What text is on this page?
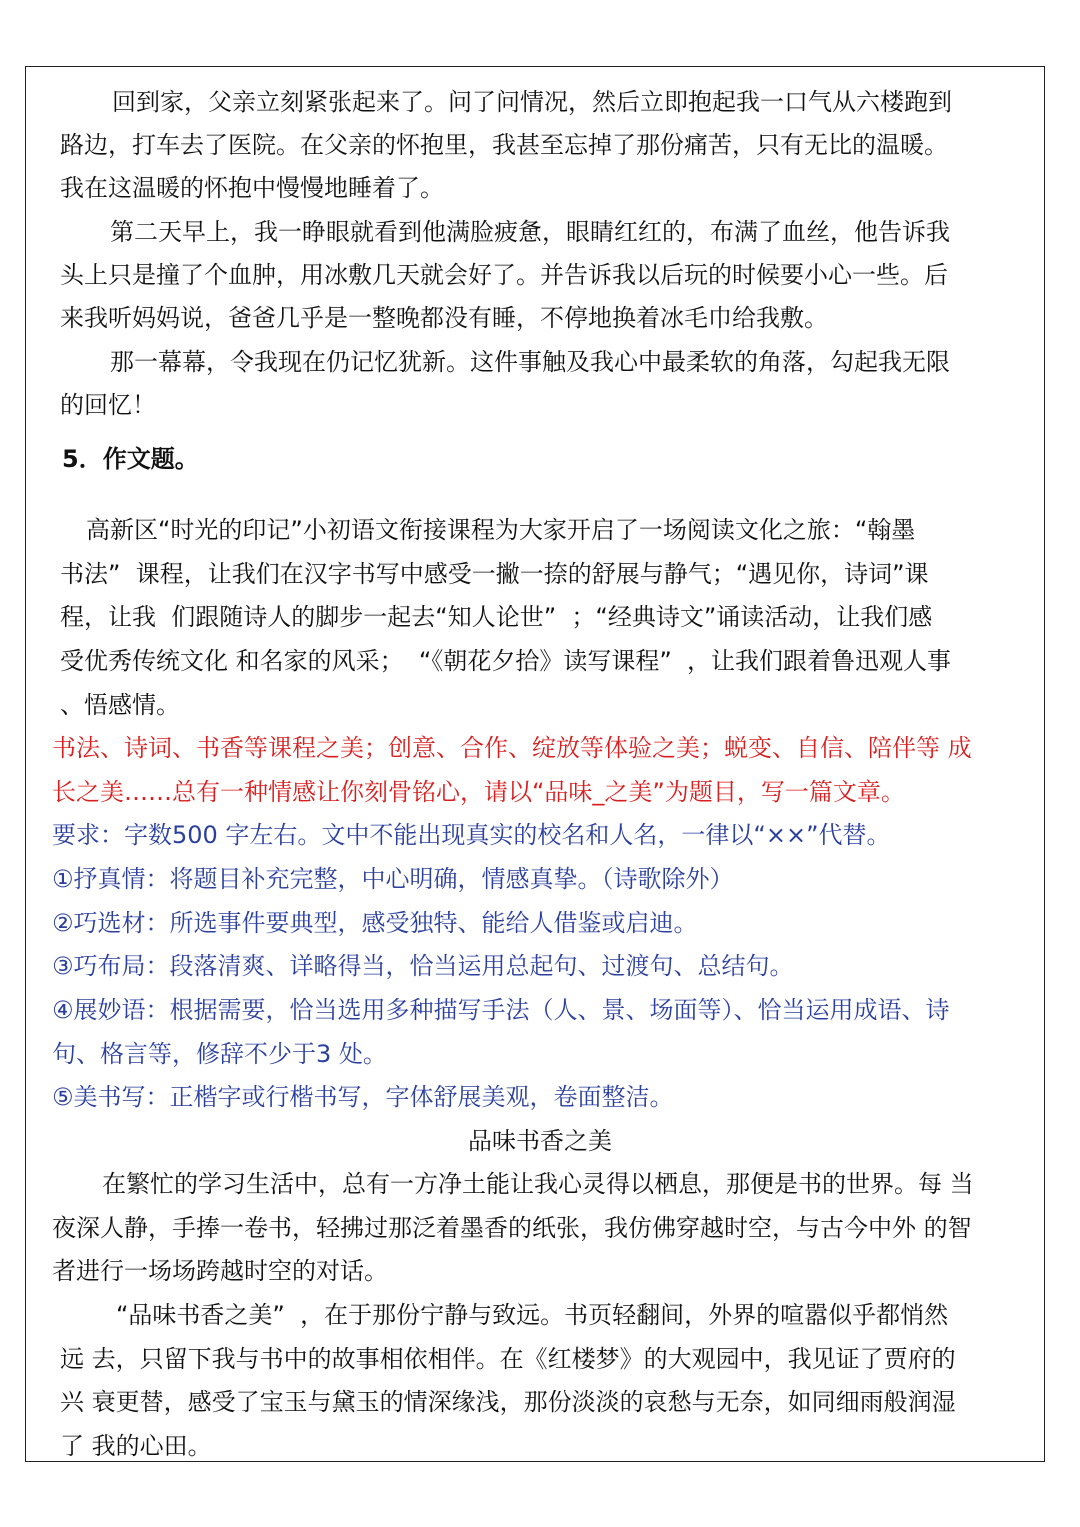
回到家，父亲立刻紧张起来了。问了问情况，然后立即抱起我一口气从六楼跑到

路边，打车去了医院。在父亲的怀抱里，我甚至忘掉了那份痛苦，只有无比的温暖。

我在这温暖的怀抱中慢慢地睡着了。

第二天早上，我一睁眼就看到他满脸疲惫，眼睛红红的，布满了血丝，他告诉我

头上只是撞了个血肿，用冰敷几天就会好了。并告诉我以后玩的时候要小心一些。后

来我听妈妈说，爸爸几乎是一整晚都没有睡，不停地换着冰毛巾给我敷。

那一幕幕，令我现在仍记忆犹新。这件事触及我心中最柔软的角落，勾起我无限

的回忆！

5．作文题。

高新区“时光的印记”小初语文衔接课程为大家开启了一场阅读文化之旅：“翰墨

书法”  课程，让我们在汉字书写中感受一撇一捺的舒展与静气；“遇见你，诗词”课

程，让我  们跟随诗人的脚步一起去“知人论世”  ；“经典诗文”诵读活动，让我们感

受优秀传统文化 和名家的风采；  “《朝花夕拾》读写课程”  ，让我们跟着鲁迅观人事

、悟感情。

书法、诗词、书香等课程之美；创意、合作、绽放等体验之美；蜕变、自信、陪伴等 成

长之美……总有一种情感让你刻骨铭心，请以“品味_之美”为题目，写一篇文章。

要求：字数500 字左右。文中不能出现真实的校名和人名，一律以“××”代替。

①抒真情：将题目补充完整，中心明确，情感真挚。（诗歌除外）

②巧选材：所选事件要典型，感受独特、能给人借鉴或启迪。

③巧布局：段落清爽、详略得当，恰当运用总起句、过渡句、总结句。

④展妙语：根据需要，恰当选用多种描写手法（人、景、场面等）、恰当运用成语、诗

句、格言等，修辞不少于3 处。

⑤美书写：正楷字或行楷书写，字体舒展美观，卷面整洁。

品味书香之美

在繁忙的学习生活中，总有一方净土能让我心灵得以栖息，那便是书的世界。每 当

夜深人静，手捧一卷书，轻拂过那泛着墨香的纸张，我仿佛穿越时空，与古今中外 的智

者进行一场场跨越时空的对话。

“品味书香之美”  ，在于那份宁静与致远。书页轻翻间，外界的喧嚣似乎都悄然

远 去，只留下我与书中的故事相依相伴。在《红楼梦》的大观园中，我见证了贾府的

兴 衰更替，感受了宝玉与黛玉的情深缘浅，那份淡淡的哀愁与无奈，如同细雨般润湿

了 我的心田。
